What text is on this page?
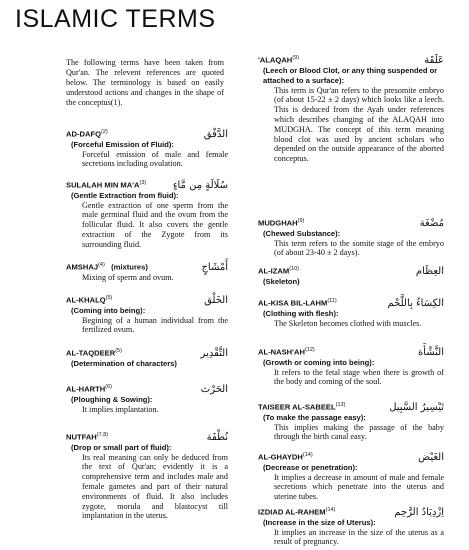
ISLAMIC TERMS

The following terms have been taken from Qur'an. The relevent references are quoted below. The terminology is based on easily understood actions and changes in the shape of the conceptus(1).

AD-DAFQ$^{(2)}$	الدَّفْق
(Forceful Emission of Fluid):

Forceful emission of male and female secretions including ovulation.

SULALAH MIN MA'A$^{(3)}$	سُلَالَةٍ مِن مَّاءٍ
(Gentle Extraction from fluid):

Gentle extraction of one sperm from the male germinal fluid and the ovum from the follicular fluid. It also covers the gentle extraction of the Zygote from its surrounding fluid.

AMSHAJ$^{(4)}$ (mixtures)	أَمْشَاجٍ

Mixing of sperm and ovum.

AL-KHALQ$^{(5)}$	الخَلْق
(Coming into being):

Begining of a human individual from the fertilized ovum.

AL-TAQDEER$^{(5)}$	التَّقْدِير
(Determination of characters)
AL-HARTH$^{(6)}$	الحَرْث
(Ploughing & Sowing):

It implies implantation.

NUTFAH$^{(7,8)}$	نُطْفَة
(Drop or small part of fluid):

Its real meaning can only be deduced from the text of Qur'an; evidently it is a comprehensive term and includes male and female gametes and part of their natural environments of fluid. It also includes zygote, morula and blastocyst till implantation in the uterus.

'ALAQAH$^{(9)}$	عَلَقَة
(Leech or Blood Clot, or any thing suspended or attached to a surface):

This term is Qur'an refers to the presomite embryo (of about 15-22 ± 2 days) which looks like a leech. This is deduced from the Ayah under references which describes changing of the ALAQAH into MUDGHA. The concept of this term meaning blood clot was used by ancient scholars who depended on the outside appearance of the aborted conceptus.

MUDGHAH$^{(9)}$	مُضْغَة
(Chewed Substance):

This term refers to the somite stage of the embryo (of about 23-40 ± 2 days).

AL-IZAM$^{(10)}$	العِظَام
(Skeleton)
AL-KISA BIL-LAHM$^{(11)}$	الكِسَاءُ بِاللَّحْم
(Clothing with flesh):

The Skeleton becomes clothed with muscles.

AL-NASH'AH$^{(12)}$	النَّشْأَة
(Growth or coming into being):

It refers to the fetal stage when there is growth of the body and coming of the soul.

TAISEER AL-SABEEL$^{(13)}$	تَيْسِيرُ السَّبِيل
(To make the passage easy):

This implies making the passage of the baby through the birth canal easy.

AL-GHAYDH$^{(14)}$	الغَيْض
(Decrease or penetration):

It implies a decrease in amount of male and female secretions which penetrate into the uterus and uterine tubes.

IZDIAD AL-RAHEM$^{(14)}$	اِزْدِيَادُ الرَّحِم
(Increase in the size of Uterus):

It implies an increase in the size of the uterus as a result of pregnancy.
